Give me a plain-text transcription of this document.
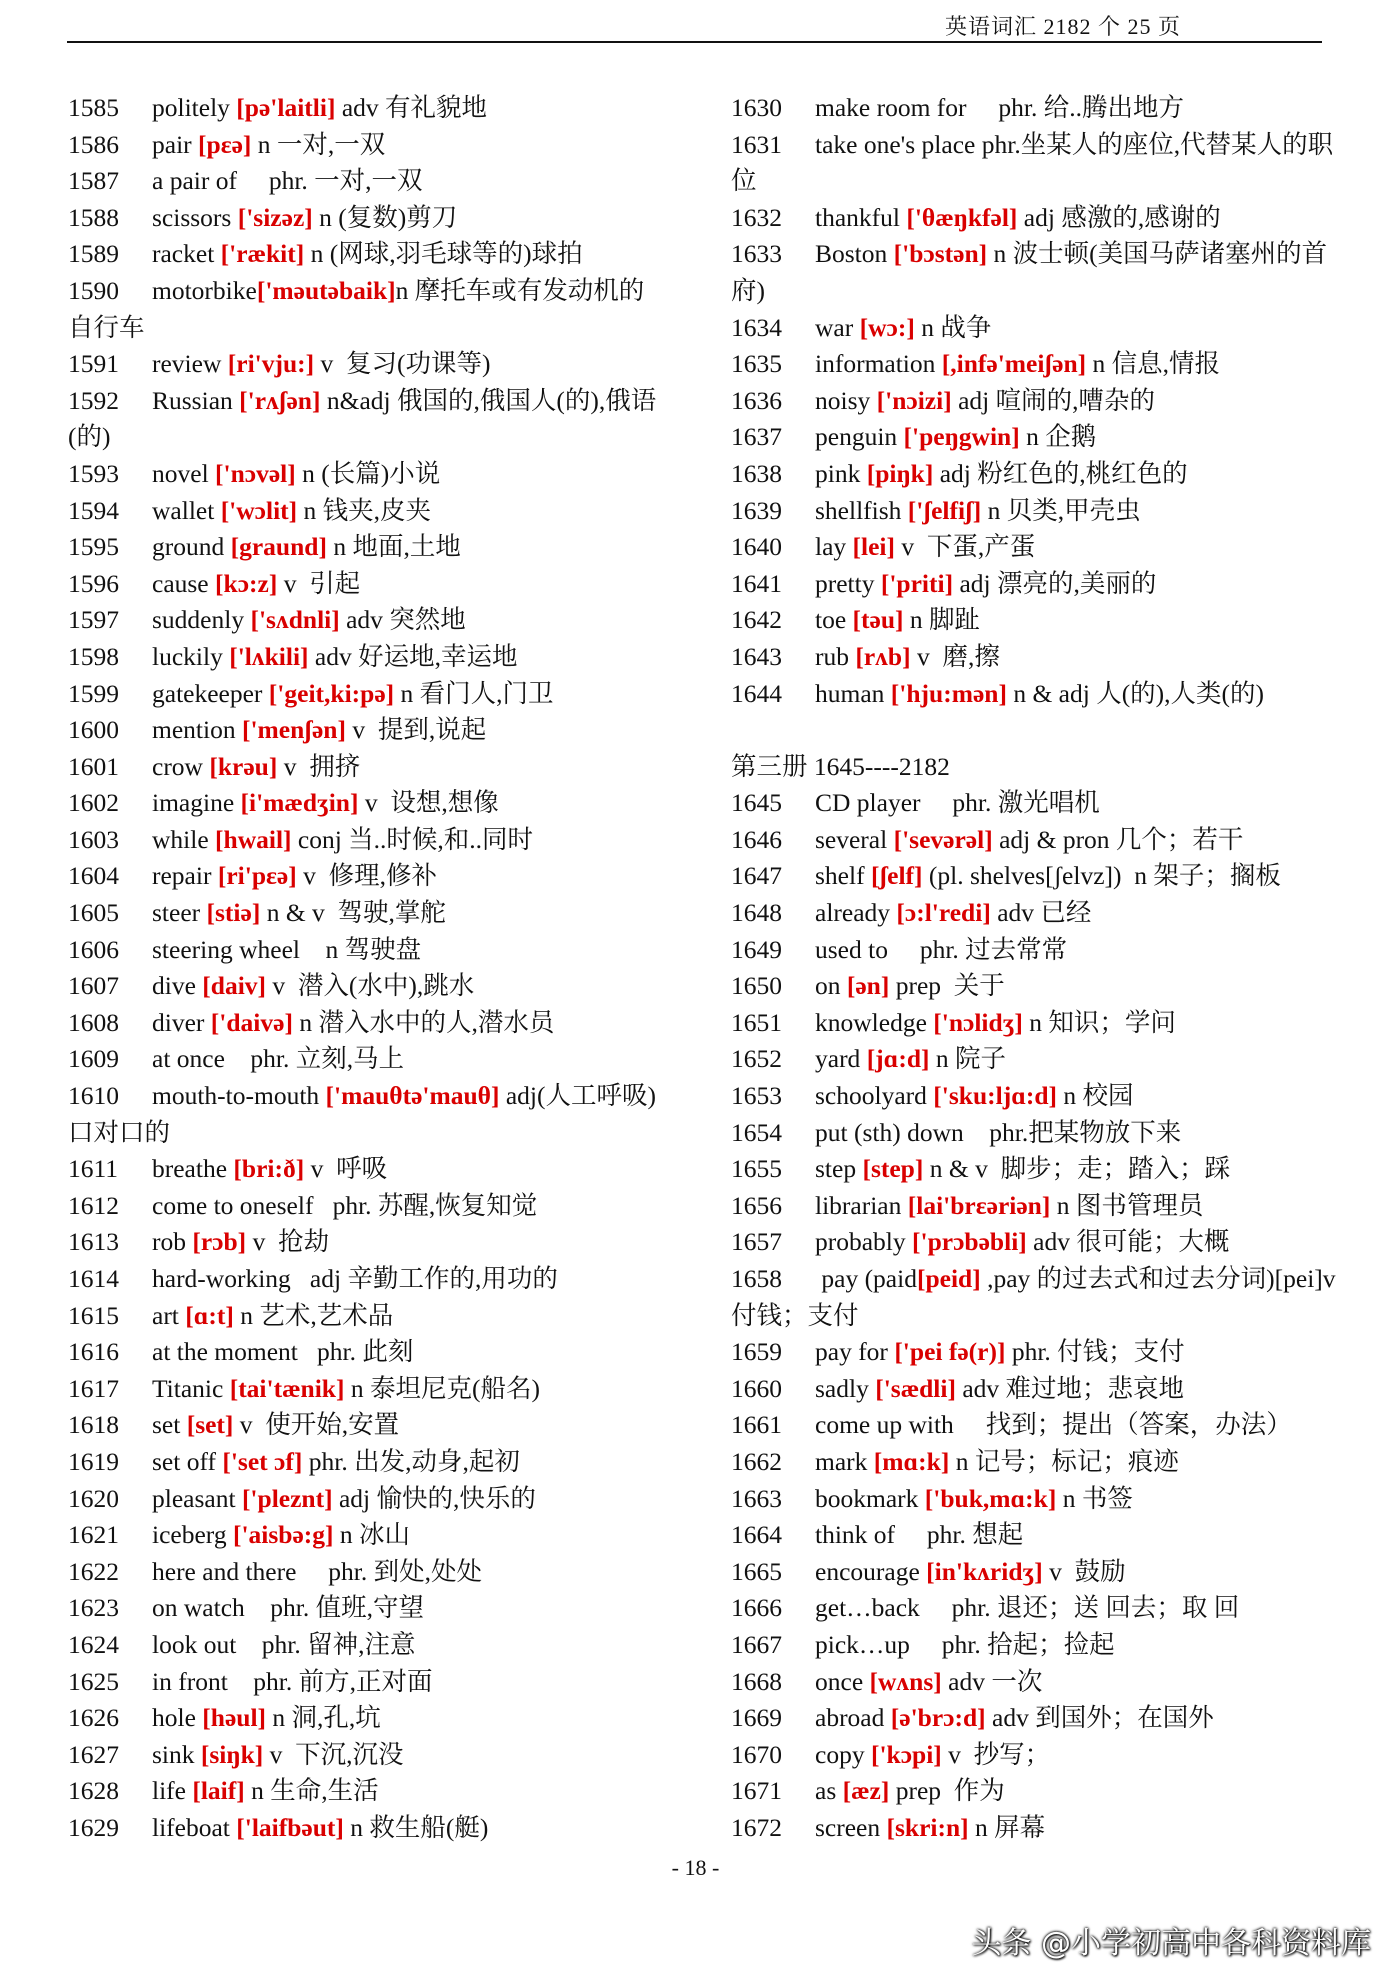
英语词汇 2182 个 25 页
1585 politely [pə'laitli] adv 有礼貌地
1586 pair [pεə] n 一对,一双
1587 a pair of     phr. 一对,一双
1588 scissors ['sizəz] n (复数)剪刀
1589 racket ['rækit] n (网球,羽毛球等的)球拍
1590 motorbike['məutəbaik]n 摩托车或有发动机的自行车
1591 review [ri'vju:] v  复习(功课等)
1592 Russian ['rʌʃən] n&adj 俄国的,俄国人(的),俄语(的)
1593 novel ['nɔvəl] n (长篇)小说
1594 wallet ['wɔlit] n 钱夹,皮夹
1595 ground [graund] n 地面,土地
1596 cause [kɔ:z] v  引起
1597 suddenly ['sʌdnli] adv 突然地
1598 luckily ['lʌkili] adv 好运地,幸运地
1599 gatekeeper ['geit,ki:pə] n 看门人,门卫
1600 mention ['menʃən] v  提到,说起
1601 crow [krəu] v  拥挤
1602 imagine [i'mædʒin] v  设想,想像
1603 while [hwail] conj 当..时候,和..同时
1604 repair [ri'pεə] v  修理,修补
1605 steer [stiə] n & v  驾驶,掌舵
1606 steering wheel    n 驾驶盘
1607 dive [daiv] v  潜入(水中),跳水
1608 diver ['daivə] n 潜入水中的人,潜水员
1609 at once    phr. 立刻,马上
1610 mouth-to-mouth ['mauθtə'mauθ] adj(人工呼吸)口对口的
1611 breathe [bri:ð] v  呼吸
1612 come to oneself   phr. 苏醒,恢复知觉
1613 rob [rɔb] v  抢劫
1614 hard-working   adj 辛勤工作的,用功的
1615 art [ɑ:t] n 艺术,艺术品
1616 at the moment   phr. 此刻
1617 Titanic [tai'tænik] n 泰坦尼克(船名)
1618 set [set] v  使开始,安置
1619 set off ['set ɔf] phr. 出发,动身,起初
1620 pleasant ['pleznt] adj 愉快的,快乐的
1621 iceberg ['aisbə:g] n 冰山
1622 here and there     phr. 到处,处处
1623 on watch    phr. 值班,守望
1624 look out    phr. 留神,注意
1625 in front    phr. 前方,正对面
1626 hole [həul] n 洞,孔,坑
1627 sink [siŋk] v  下沉,沉没
1628 life [laif] n 生命,生活
1629 lifeboat ['laifbəut] n 救生船(艇)
1630 make room for     phr. 给..腾出地方
1631 take one's place phr.坐某人的座位,代替某人的职位
1632 thankful ['θæŋkfəl] adj 感激的,感谢的
1633 Boston ['bɔstən] n 波士顿(美国马萨诸塞州的首府)
1634 war [wɔ:] n 战争
1635 information [,infə'meiʃən] n 信息,情报
1636 noisy ['nɔizi] adj 喧闹的,嘈杂的
1637 penguin ['peŋgwin] n 企鹅
1638 pink [piŋk] adj 粉红色的,桃红色的
1639 shellfish ['ʃelfiʃ] n 贝类,甲壳虫
1640 lay [lei] v  下蛋,产蛋
1641 pretty ['priti] adj 漂亮的,美丽的
1642 toe [təu] n 脚趾
1643 rub [rʌb] v  磨,擦
1644 human ['hju:mən] n & adj 人(的),人类(的)
第三册 1645----2182
1645 CD player     phr. 激光唱机
1646 several ['sevərəl] adj & pron 几个；若干
1647 shelf [ʃelf] (pl. shelves[ʃelvz])  n 架子；搁板
1648 already [ɔ:l'redi] adv 已经
1649 used to     phr. 过去常常
1650 on [ən] prep  关于
1651 knowledge ['nɔlidʒ] n 知识；学问
1652 yard [jɑ:d] n 院子
1653 schoolyard ['sku:ljɑ:d] n 校园
1654 put (sth) down    phr.把某物放下来
1655 step [step] n & v  脚步；走；踏入；踩
1656 librarian [lai'brεəriən] n 图书管理员
1657 probably ['prɔbəbli] adv 很可能；大概
1658 pay (paid[peid] ,pay 的过去式和过去分词)[pei]v 付钱；支付
1659 pay for ['pei fə(r)] phr. 付钱；支付
1660 sadly ['sædli] adv 难过地；悲哀地
1661 come up with     找到；提出（答案，办法）
1662 mark [mɑ:k] n 记号；标记；痕迹
1663 bookmark ['buk,mɑ:k] n 书签
1664 think of     phr. 想起
1665 encourage [in'kʌridʒ] v  鼓励
1666 get…back     phr. 退还；送 回去；取 回
1667 pick…up     phr. 拾起；捡起
1668 once [wʌns] adv 一次
1669 abroad [ə'brɔ:d] adv 到国外；在国外
1670 copy ['kɔpi] v  抄写；
1671 as [æz] prep  作为
1672 screen [skri:n] n 屏幕
- 18 -
头条 @小学初高中各科资料库
